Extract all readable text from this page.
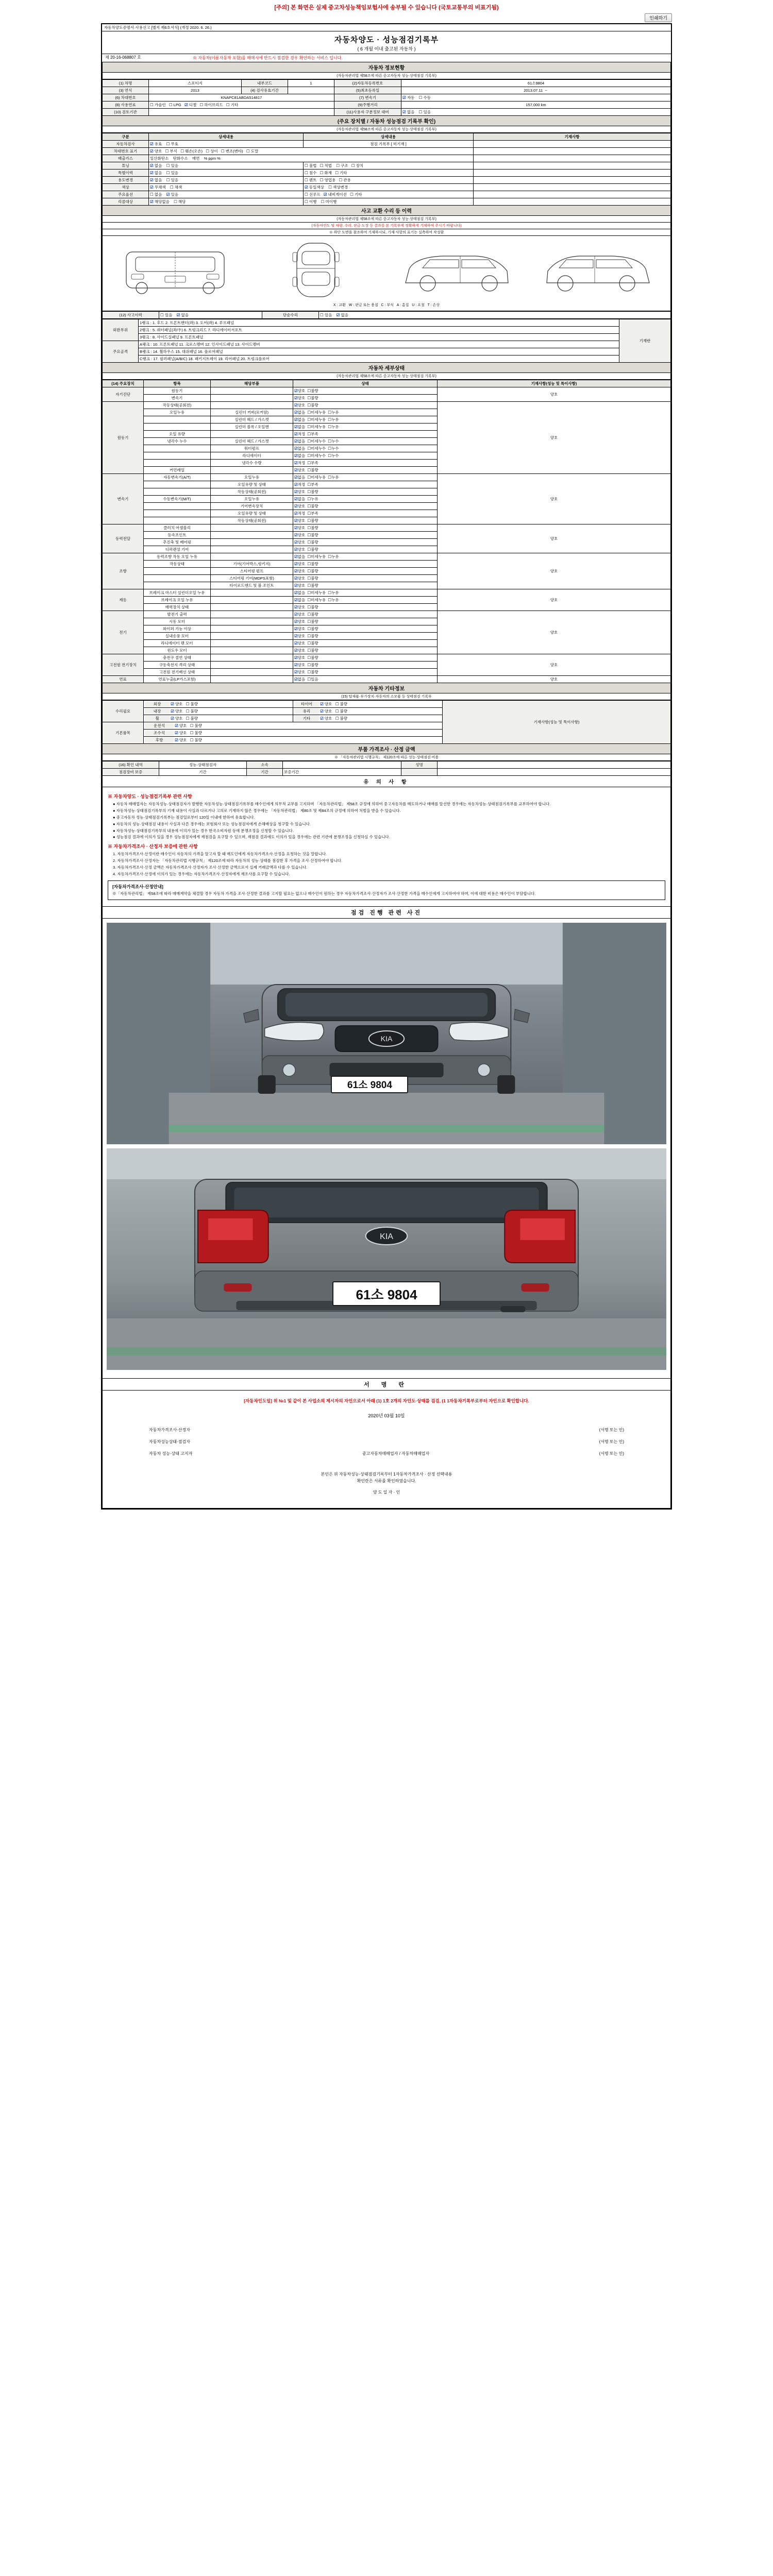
[주의] 본 화면은 실제 중고차성능책임보험사에 송부될 수 있습니다 (국토교통부의 비표기됨)
인쇄하기
자동차양도증명서·사용신고 [별지 제6호서식] (개정 2020. 6. 26.)
자동차양도 · 성능점검기록부
( 6 개월 이내 출고된 자동차 )
제 20-16-068807 호	※ 자동차(이륜자동차 포함)를 매매시에 반드시 점검한 경우 확인하는 서비스 입니다.
자동차 정보현황
(자동차관리법 제58조에 따른 중고자동차 성능·상태점검 기록부)
(1) 차명	스포티지	내부코드	1	(2)자동차등록번호	61소9804
(3) 연식	2013	(4) 검사유효기간		(5)최초등록일	2013.07.11  ~
(6) 차대번호	KNAPC81ABDA514817			(7) 변속기	☑ 자동 ☐ 수동
(8) 사용연료	☐ 가솔린 ☐ LPG ☑ 디젤 ☐ 하이브리드 ☐ 기타			(9)주행거리	157,000 km
(10) 검토기관				(11)사용자 구분정보 대여	☑ 없음 ☐ 있음
(주요 장치별 / 자동차 성능점검 기록부 확인)
(자동차관리법 제58조에 따른 중고자동차 성능·상태점검 기록부)
구분	상세내용	상세내용	기재사항
자동차검사	☑ 유효 ☐ 무효	점검 기록부 [ 미기재 ]	
차대번호 표기	☑ 양호 ☐ 부식 ☐ 훼손(오손) ☐ 상이 ☐ 변조(변타) ☐ 도말		
배출가스	일산화탄소 탄화수소 매연 % ppm %		
튜닝	☑ 없음 ☐ 있음	☐ 불법 ☐ 적법 ☐ 구조 ☐ 장치	
특별이력	☑ 없음 ☐ 있음	☐ 침수 ☐ 화재 ☐ 기타	
용도변경	☑ 없음 ☐ 있음	☐ 렌트 ☐ 영업용 ☐ 관용	
색상	☑ 무채색 ☐ 채색	☑ 동일색상 ☐ 색상변경	
주요옵션	☐ 없음 ☑ 있음	☐ 선루프 ☑ 내비게이션 ☐ 기타	
리콜대상	☑ 해당없음 ☐ 해당	☐ 이행 ☐ 미이행	
사고 교환 수리 등 이력
(자동차관리법 제58조에 따른 중고자동차 성능·상태점검 기록부)
(자동차인도 및 차량, 수리, 판금·도장 등 결과를 본 기록부에 정확하게 기재하여 주시기 바랍니다)
※ 하단 도면을 참조하여 기재하시되, 기재 사항의 표기는 실측하여 작성함
X : 교환 W : 판금 또는 용접 C : 부식 A : 흠집 U : 요철 T : 손상
(12) 사고이력	☐ 있음 ☑ 없음	단순수리	☐ 있음 ☑ 없음
외판부위	1랭크 : 1. 후드 2. 프론트팬더(좌) 3. 도어(좌) 4. 루프패널	기재란
	2랭크 : 5. 쿼터패널(좌/우) 6. 트렁크리드 7. 라디에이터서포트	
	3랭크 : 8. 사이드실패널 9. 프론트패널	
주요골격	A랭크 : 10. 프론트패널 11. 크로스멤버 12. 인사이드패널 13. 사이드멤버	
	B랭크 : 14. 휠하우스 15. 대쉬패널 16. 플로어패널	
	C랭크 : 17. 필러패널(A/B/C) 18. 패키지트레이 19. 리어패널 20. 트렁크플로어	
자동차 세부상태
(자동차관리법 제58조에 따른 중고자동차 성능·상태점검 기록부)
(14) 주요장치	항목	해당부품	상태	기재사항(성능 및 특이사항)
자기진단	원동기		☑양호 ☐불량	양호
	변속기		☑양호 ☐불량	
원동기	작동상태(공회전)		☑양호 ☐불량	양호
	오일누유	실린더 커버(로커암)	☑없음 ☐미세누유 ☐누유	
		실린더 헤드 / 가스켓	☑없음 ☐미세누유 ☐누유	
		실린더 블록 / 오일팬	☑없음 ☐미세누유 ☐누유	
	오일 유량		☑적정 ☐부족	
	냉각수 누수	실린더 헤드 / 가스켓	☑없음 ☐미세누수 ☐누수	
		워터펌프	☑없음 ☐미세누수 ☐누수	
		라디에이터	☑없음 ☐미세누수 ☐누수	
		냉각수 수량	☑적정 ☐부족	
	커먼레일		☑양호 ☐불량	
변속기	자동변속기(A/T)	오일누유	☑없음 ☐미세누유 ☐누유	양호
		오일유량 및 상태	☑적정 ☐부족	
		작동상태(공회전)	☑양호 ☐불량	
	수동변속기(M/T)	오일누유	☑없음 ☐누유	
		기어변속장치	☑양호 ☐불량	
		오일유량 및 상태	☑적정 ☐부족	
		작동상태(공회전)	☑양호 ☐불량	
동력전달	클러치 어셈블리		☑양호 ☐불량	양호
	등속조인트		☑양호 ☐불량	
	추진축 및 베어링		☑양호 ☐불량	
	디퍼렌셜 기어		☑양호 ☐불량	
조향	동력조향 작동 오일 누유		☑없음 ☐미세누유 ☐누유	양호
	작동상태	기어(기어박스,링키지)	☑양호 ☐불량	
		스티어링 펌프	☑양호 ☐불량	
		스티어링 기어(MDPS포함)	☑양호 ☐불량	
		타이로드엔드 및 볼 조인트	☑양호 ☐불량	
제동	브레이크 마스터 실린더오일 누유		☑없음 ☐미세누유 ☐누유	양호
	브레이크 오일 누유		☑없음 ☐미세누유 ☐누유	
	배력장치 상태		☑양호 ☐불량	
전기	발전기 출력		☑양호 ☐불량	양호
	시동 모터		☑양호 ☐불량	
	와이퍼 기능 이상		☑양호 ☐불량	
	실내송풍 모터		☑양호 ☐불량	
	라디에이터 팬 모터		☑양호 ☐불량	
	윈도우 모터		☑양호 ☐불량	
고전원 전기장치	충전구 절연 상태		☑양호 ☐불량	양호
	구동축전지 격리 상태		☑양호 ☐불량	
	고전원 전기배선 상태		☑양호 ☐불량	
연료	연료누출(LP가스포함)		☑없음 ☐있음	양호
자동차 기타정보
(15) 탑재품·부가장치·자동차의 소모품 등 상태점검 기록부
수리필요	외장 ☑ 양호 ☐ 불량	타이어 ☑ 양호 ☐ 불량	기재사항(성능 및 특이사항)
	내장 ☑ 양호 ☐ 불량	유리 ☑ 양호 ☐ 불량	
	휠 ☑ 양호 ☐ 불량	기타 ☑ 양호 ☐ 불량	
기본품목	운전석 ☑ 양호 ☐ 불량		
	조수석 ☑ 양호 ☐ 불량		
	후방 ☑ 양호 ☐ 불량		
부품 가격조사 · 산정 금액
※ 「자동차관리법 시행규칙」 제120조에 따른 성능·상태점검 비용
(16) 확인 내역	성능·상태점검자	소속		성명	
점검장비 보증	기간	기간	보증기간		
유 의 사 항
※ 자동차양도 · 성능점검기록부 관련 사항

● 자동차 매매업자는 자동차성능·상태점검자가 발행한 자동차성능·상태점검기록부를 매수인에게 의무적 교부를 고지하며 「자동차관리법」 제58조 규정에 의하여 중고자동차를 매도하거나 매매를 알선한 경우에는 자동차성능·상태점검기록부를 교부하여야 합니다.

● 자동차성능·상태점검기록부의 기재 내용이 사실과 다르거나 고의로 기재하지 않은 경우에는 「자동차관리법」 제80조 및 제84조의 규정에 의하여 처벌을 받을 수 있습니다.

● 중고자동차 성능·상태점검기록부는 점검일로부터 120일 이내에 한하여 유효합니다.

● 자동차의 성능·상태점검 내용이 사실과 다른 경우에는 보험회사 또는 성능점검자에게 손해배상을 청구할 수 있습니다.

● 자동차성능·상태점검기록부의 내용에 이의가 있는 경우 한국소비자원 등에 분쟁조정을 신청할 수 있습니다.

● 성능점검 결과에 이의가 있을 경우 성능점검자에게 재점검을 요구할 수 있으며, 재점검 결과에도 이의가 있을 경우에는 관련 기관에 분쟁조정을 신청하실 수 있습니다.

※ 자동차가격조사 · 산정자 보증에 관한 사항

1. 자동차가격조사·산정이란 매수인이 자동차의 가격을 알고자 할 때 매도인에게 자동차가격조사·산정을 요청하는 것을 말합니다.

2. 자동차가격조사·산정자는 「자동차관리법 시행규칙」 제120조에 따라 자동차의 성능·상태를 점검한 후 가격을 조사·산정하여야 합니다.

3. 자동차가격조사·산정 금액은 자동차가격조사·산정자가 조사·산정한 금액으로서 실제 거래금액과 다를 수 있습니다.

4. 자동차가격조사·산정에 이의가 있는 경우에는 자동차가격조사·산정자에게 재조사를 요구할 수 있습니다.

[자동차가격조사·산정안내]
※「자동차관리법」 제58조에 따라 매매계약을 체결할 경우 자동차 가격을 조사·산정한 결과를 고지할 필요는 없으나 매수인이 원하는 경우 자동차가격조사·산정자가 조사·산정한 가격을 매수인에게 고지하여야 하며, 이에 대한 비용은 매수인이 부담합니다.
점검 진행 관련 사진
KIA
61소 9804
KIA
61소 9804
서 명 란
[자동차인도일] 위 №1 및 같이 본 사업소의 제시자의 자인으로서 아래 (1) 1호 2개의 자인도·상태를 검검, (1 1자동차기록부로부터 자인으로 확인합니다.
2020년 03월 10일
자동차가격조사·산정자	(서명 또는 인)
자동차성능상태·점검자	(서명 또는 인)
자동차 성능·상태 고지자	중고자동차매매업자 / 자동차매매업자	(서명 또는 인)
본인은 위 자동차성능·상태점검기록부터 1자동차가격조사 · 산정 선택내용
확인란은 서류를 확인하였습니다.
양 도 일 자 · 인
